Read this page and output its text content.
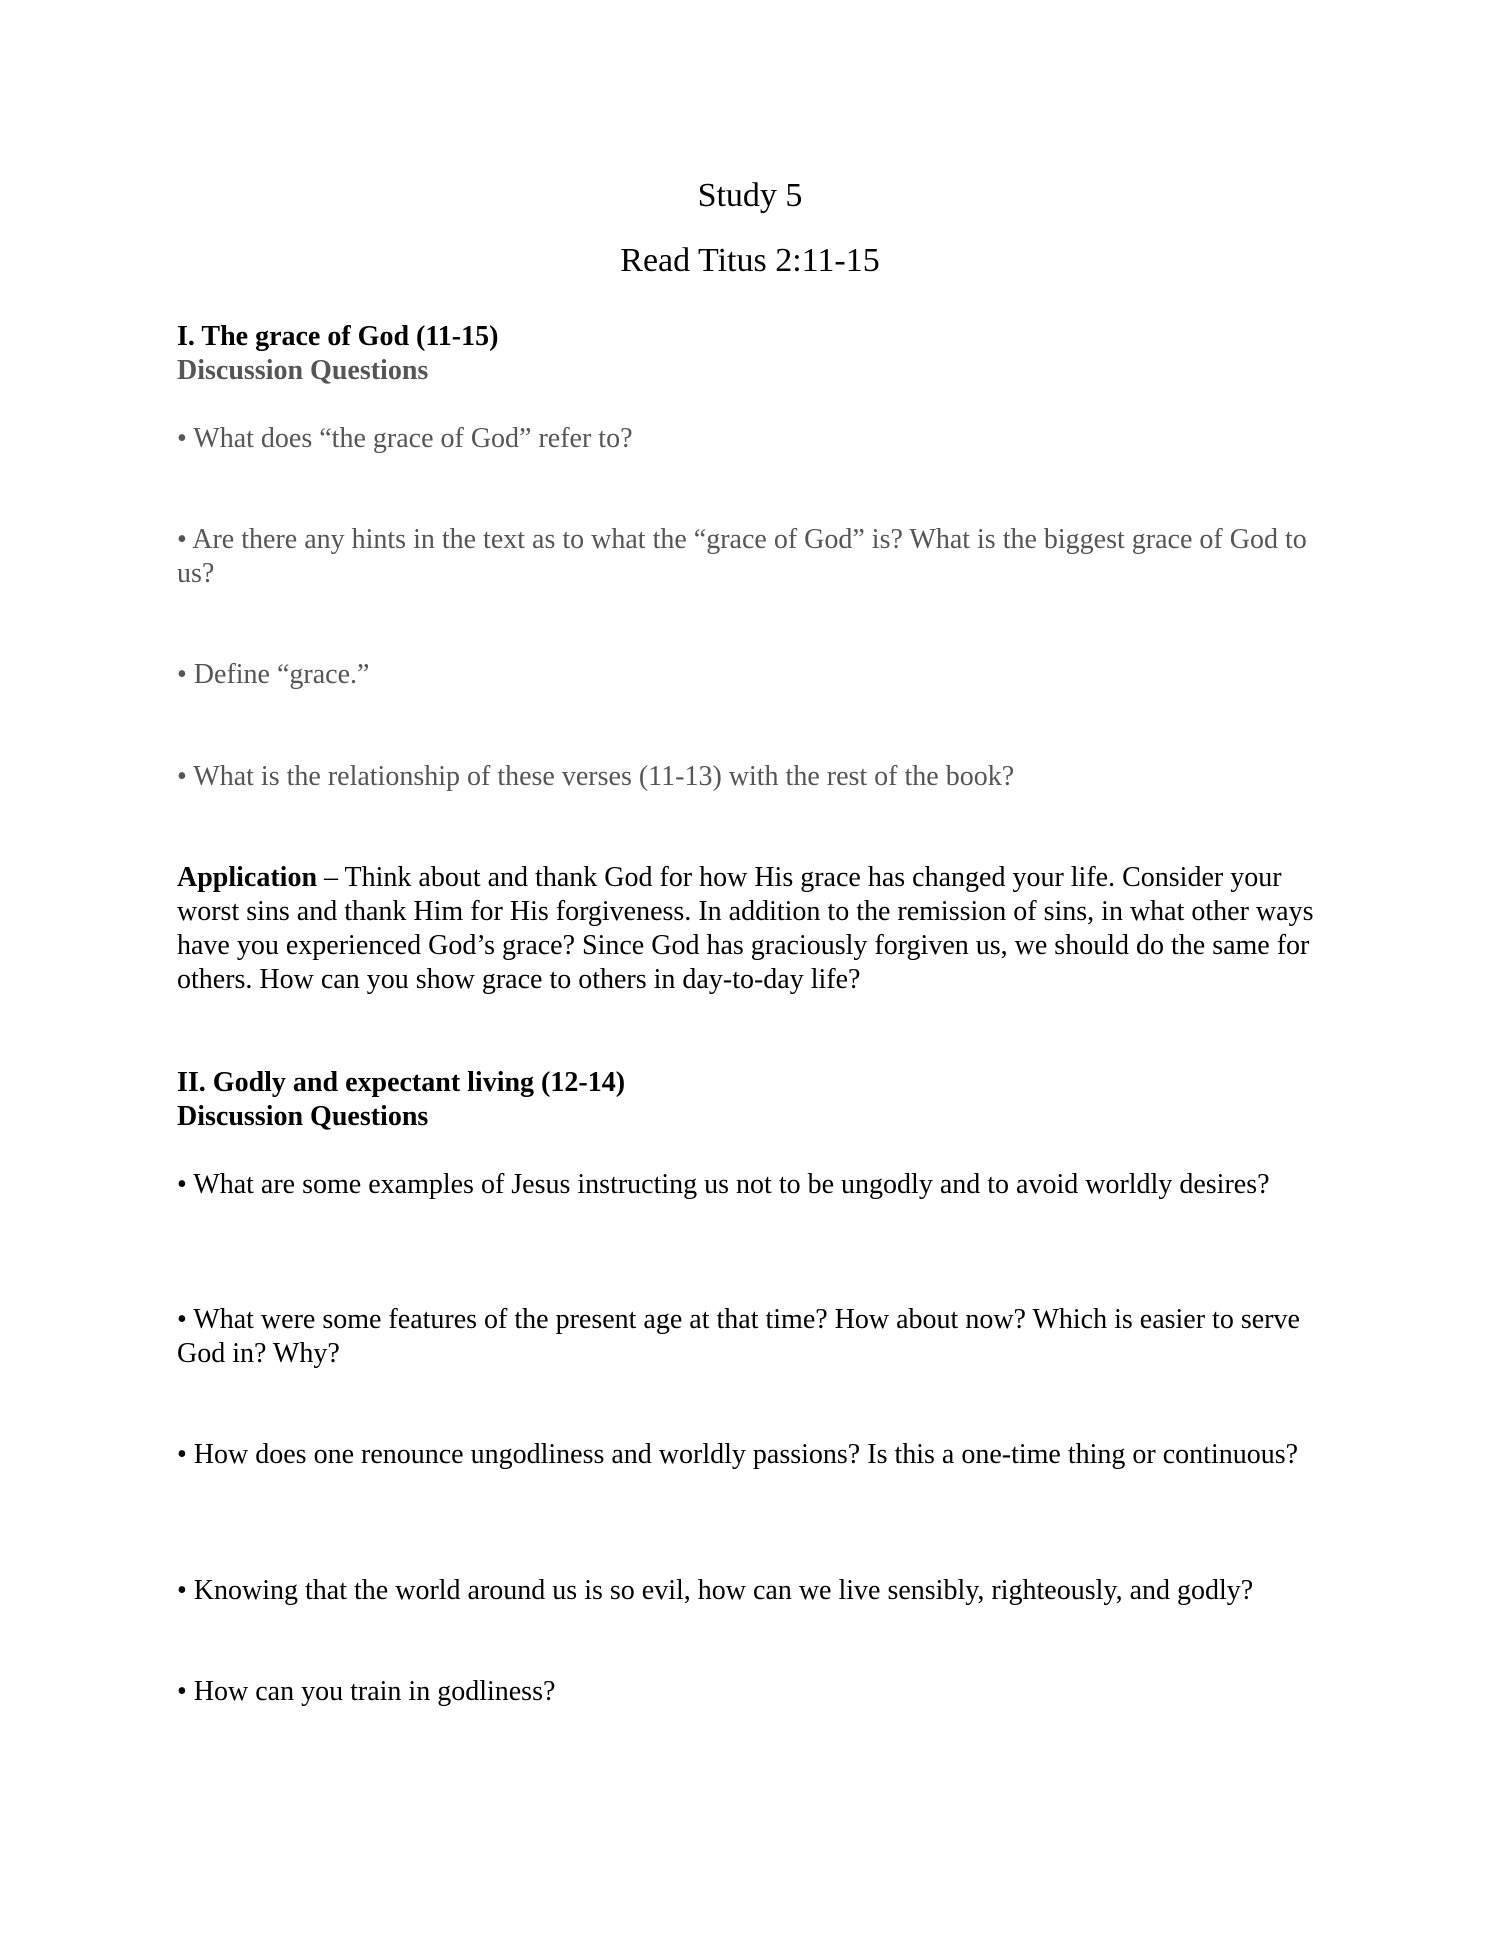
Study 5
Read Titus 2:11-15
I. The grace of God (11-15)
Discussion Questions

• What does “the grace of God” refer to?

• Are there any hints in the text as to what the “grace of God” is? What is the biggest grace of God to us?

• Define “grace.”

• What is the relationship of these verses (11-13) with the rest of the book?

Application – Think about and thank God for how His grace has changed your life. Consider your worst sins and thank Him for His forgiveness. In addition to the remission of sins, in what other ways have you experienced God’s grace? Since God has graciously forgiven us, we should do the same for others. How can you show grace to others in day-to-day life?

II. Godly and expectant living (12-14)
Discussion Questions

• What are some examples of Jesus instructing us not to be ungodly and to avoid worldly desires?

• What were some features of the present age at that time? How about now? Which is easier to serve God in? Why?

• How does one renounce ungodliness and worldly passions? Is this a one-time thing or continuous?

• Knowing that the world around us is so evil, how can we live sensibly, righteously, and godly?

• How can you train in godliness?
